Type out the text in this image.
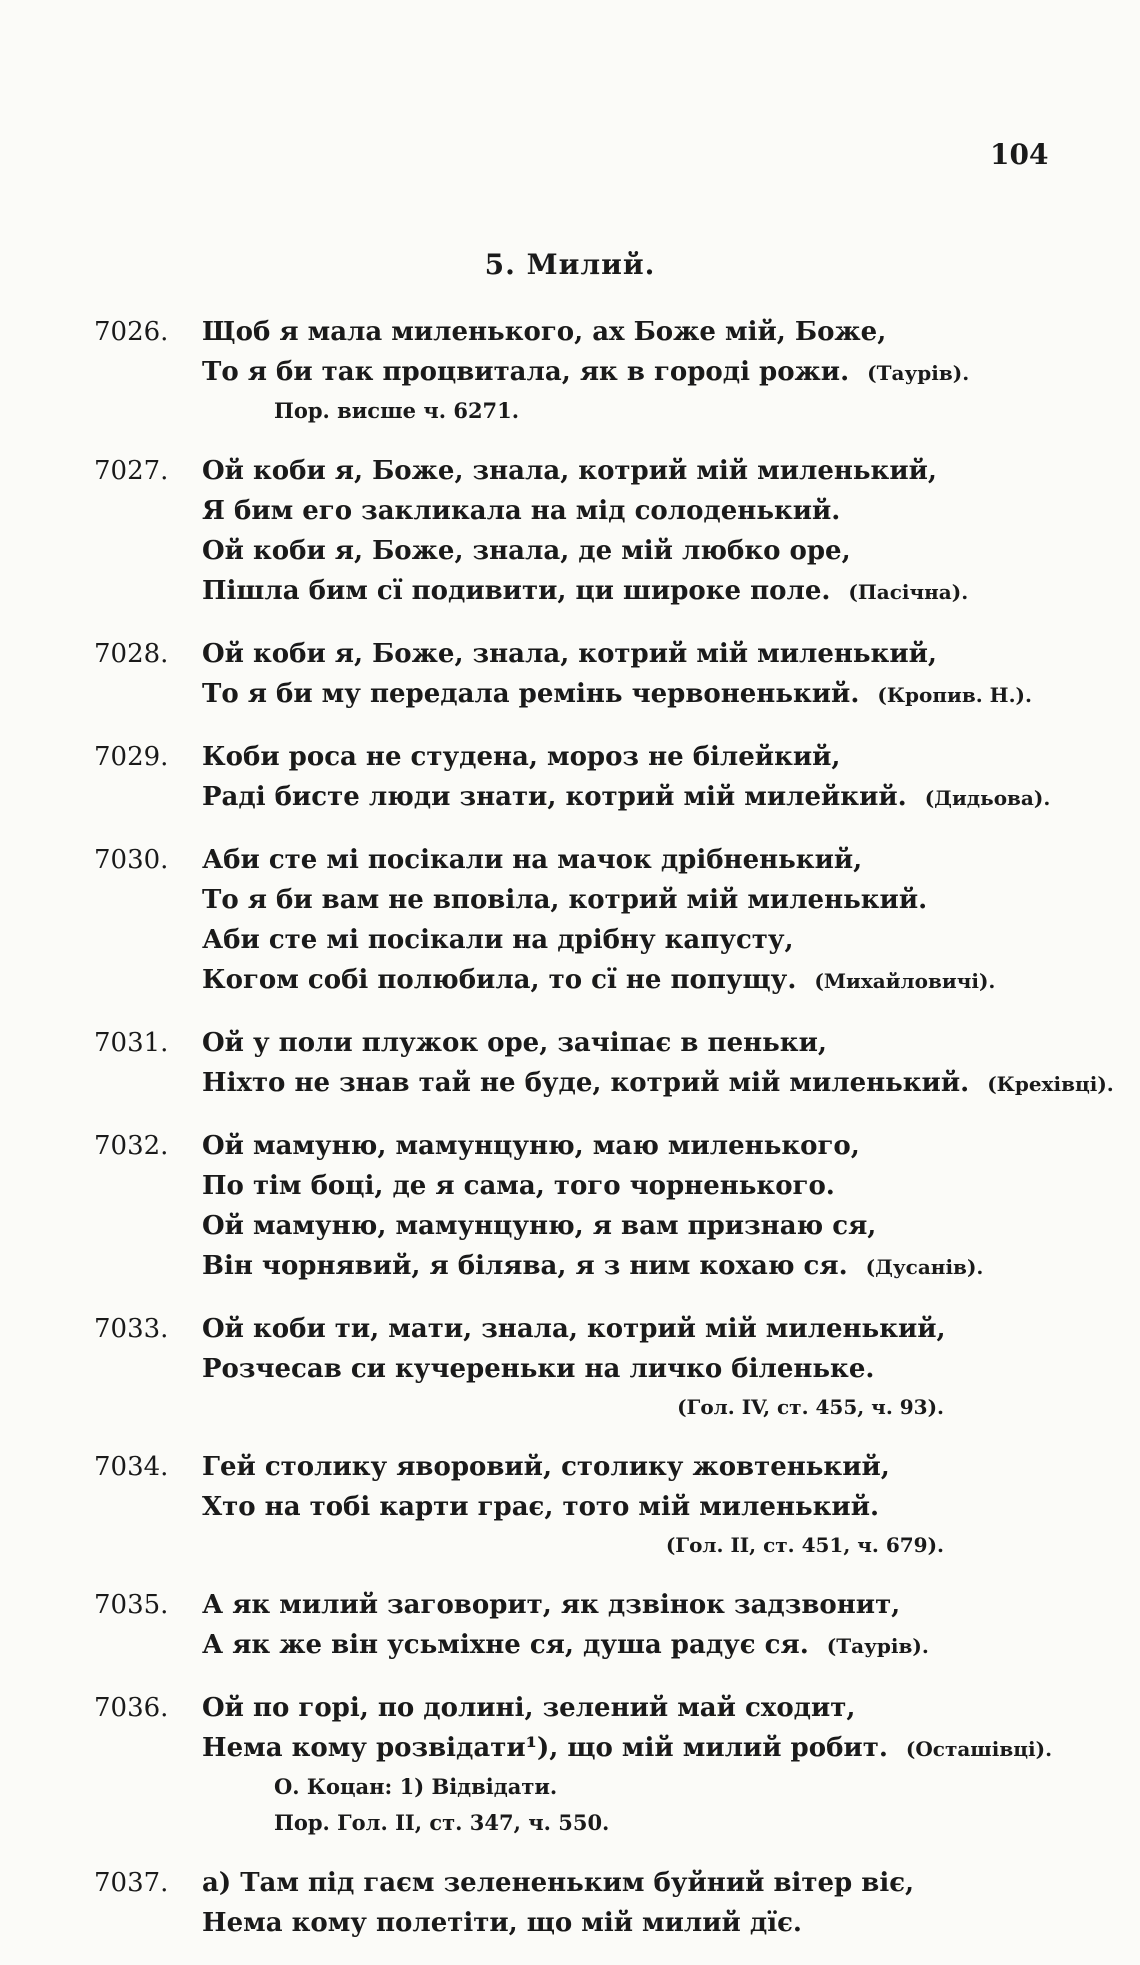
104
5. Милий.
7026.	Щоб я мала миленького, ах Боже мій, Боже,
То я би так процвитала, як в городі рожи. (Таурів).
Пор. висше ч. 6271.
7027.	Ой коби я, Боже, знала, котрий мій миленький,
Я бим его закликала на мід солоденький.
Ой коби я, Боже, знала, де мій любко оре,
Пішла бим сї подивити, ци широке поле. (Пасічна).
7028.	Ой коби я, Боже, знала, котрий мій миленький,
То я би му передала ремінь червоненький. (Кропив. Н.).
7029.	Коби роса не студена, мороз не білейкий,
Раді бисте люди знати, котрий мій милейкий. (Дидьова).
7030.	Аби сте мі посікали на мачок дрібненький,
То я би вам не вповіла, котрий мій миленький.
Аби сте мі посікали на дрібну капусту,
Когом собі полюбила, то сї не попущу. (Михайловичі).
7031.	Ой у поли плужок оре, зачіпає в пеньки,
Ніхто не знав тай не буде, котрий мій миленький. (Крехівці).
7032.	Ой мамуню, мамунцуню, маю миленького,
По тім боці, де я сама, того чорненького.
Ой мамуню, мамунцуню, я вам признаю ся,
Він чорнявий, я білява, я з ним кохаю ся. (Дусанів).
7033.	Ой коби ти, мати, знала, котрий мій миленький,
Розчесав си кучереньки на личко біленьке.
(Гол. IV, ст. 455, ч. 93).
7034.	Гей столику яворовий, столику жовтенький,
Хто на тобі карти грає, тото мій миленький.
(Гол. II, ст. 451, ч. 679).
7035.	А як милий заговорит, як дзвінок задзвонит,
А як же він усьміхне ся, душа радує ся. (Таурів).
7036.	Ой по горі, по долині, зелений май сходит,
Нема кому розвідати¹), що мій милий робит. (Осташівці).
О. Коцан: 1) Відвідати.
Пор. Гол. II, ст. 347, ч. 550.
7037.	а) Там під гаєм зелененьким буйний вітер віє,
Нема кому полетіти, що мій милий дїє.
